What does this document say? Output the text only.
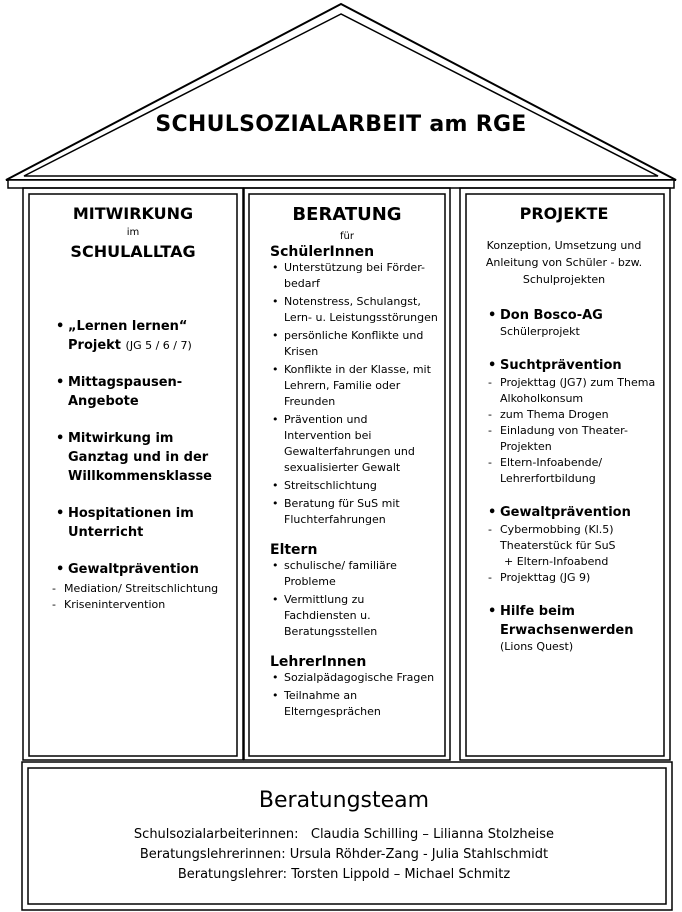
SCHULSOZIALARBEIT am RGE
MITWIRKUNG
im
SCHULALLTAG
• „Lernen lernen“ Projekt (JG 5 / 6 / 7)
• Mittagspausen-Angebote
• Mitwirkung im Ganztag und in der Willkommensklasse
• Hospitationen im Unterricht
• Gewaltprävention
- Mediation/ Streitschlichtung
- Krisenintervention
BERATUNG
für
SchülerInnen
• Unterstützung bei Förder-bedarf
• Notenstress, Schulangst, Lern- u. Leistungsstörungen
• persönliche Konflikte und Krisen
• Konflikte in der Klasse, mit Lehrern, Familie oder Freunden
• Prävention und Intervention bei Gewalterfahrungen und sexualisierter Gewalt
• Streitschlichtung
• Beratung für SuS mit Fluchterfahrungen
Eltern
• schulische/ familiäre Probleme
• Vermittlung zu Fachdiensten u. Beratungsstellen
LehrerInnen
• Sozialpädagogische Fragen
• Teilnahme an Elterngesprächen
PROJEKTE
Konzeption, Umsetzung und Anleitung von Schüler - bzw. Schulprojekten
• Don Bosco-AG
Schülerprojekt
• Suchtprävention
- Projekttag (JG7) zum Thema Alkoholkonsum
- zum Thema Drogen
- Einladung von Theater-Projekten
- Eltern-Infoabende/ Lehrerfortbildung
• Gewaltprävention
- Cybermobbing (Kl.5) Theaterstück für SuS
+ Eltern-Infoabend
- Projekttag (JG 9)
• Hilfe beim Erwachsenwerden
(Lions Quest)
Beratungsteam
Schulsozialarbeiterinnen:   Claudia Schilling – Lilianna Stolzheise
Beratungslehrerinnen: Ursula Röhder-Zang - Julia Stahlschmidt
Beratungslehrer: Torsten Lippold – Michael Schmitz
